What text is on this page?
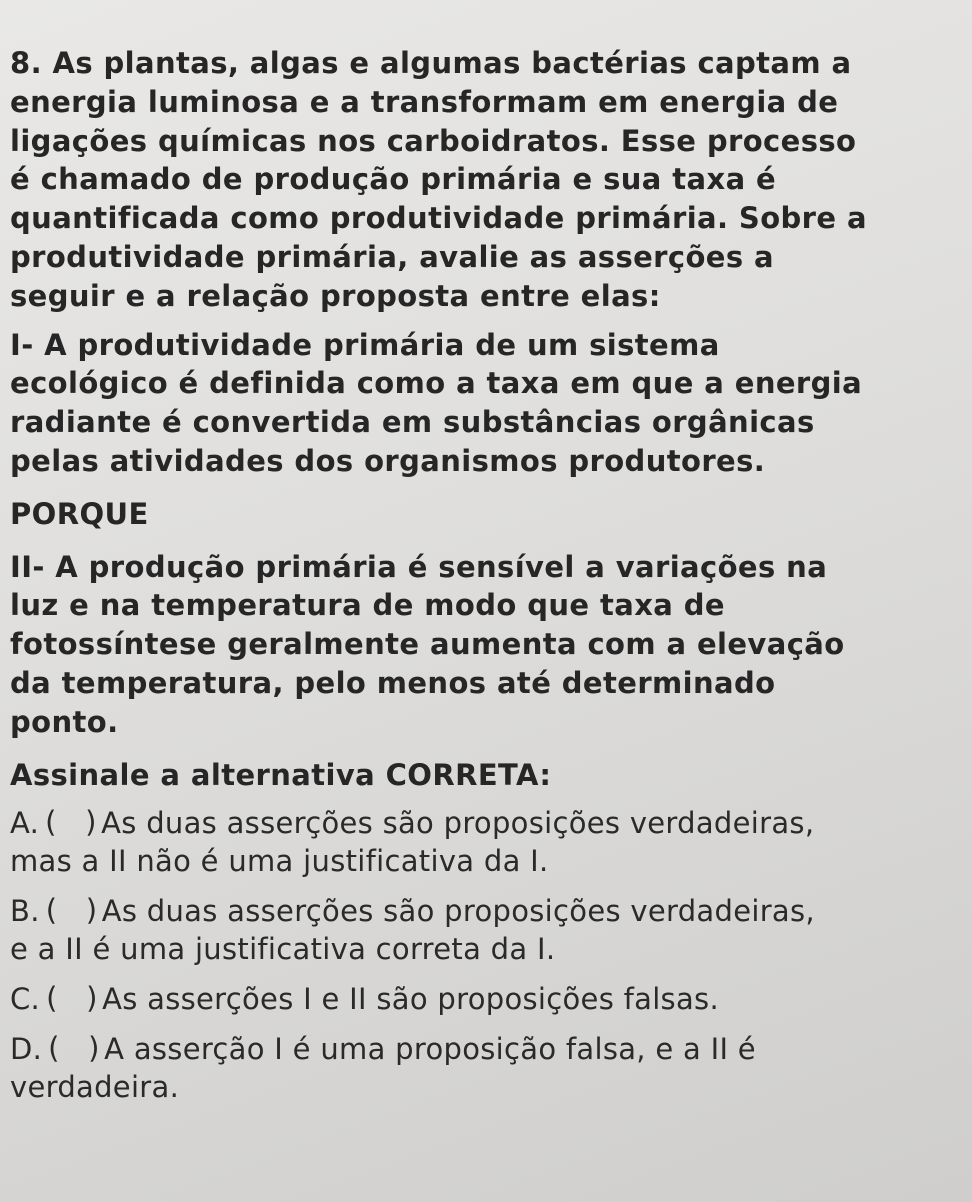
8. As plantas, algas e algumas bactérias captam a
energia luminosa e a transformam em energia de
ligações químicas nos carboidratos. Esse processo
é chamado de produção primária e sua taxa é
quantificada como produtividade primária. Sobre a
produtividade primária, avalie as asserções a
seguir e a relação proposta entre elas:

I- A produtividade primária de um sistema
ecológico é definida como a taxa em que a energia
radiante é convertida em substâncias orgânicas
pelas atividades dos organismos produtores.

PORQUE

II- A produção primária é sensível a variações na
luz e na temperatura de modo que taxa de
fotossíntese geralmente aumenta com a elevação
da temperatura, pelo menos até determinado
ponto.

Assinale a alternativa CORRETA:

A. As duas asserções são proposições verdadeiras,
mas a II não é uma justificativa da I.
B. As duas asserções são proposições verdadeiras,
e a II é uma justificativa correta da I.
C. As asserções I e II são proposições falsas.
D. A asserção I é uma proposição falsa, e a II é
verdadeira.
